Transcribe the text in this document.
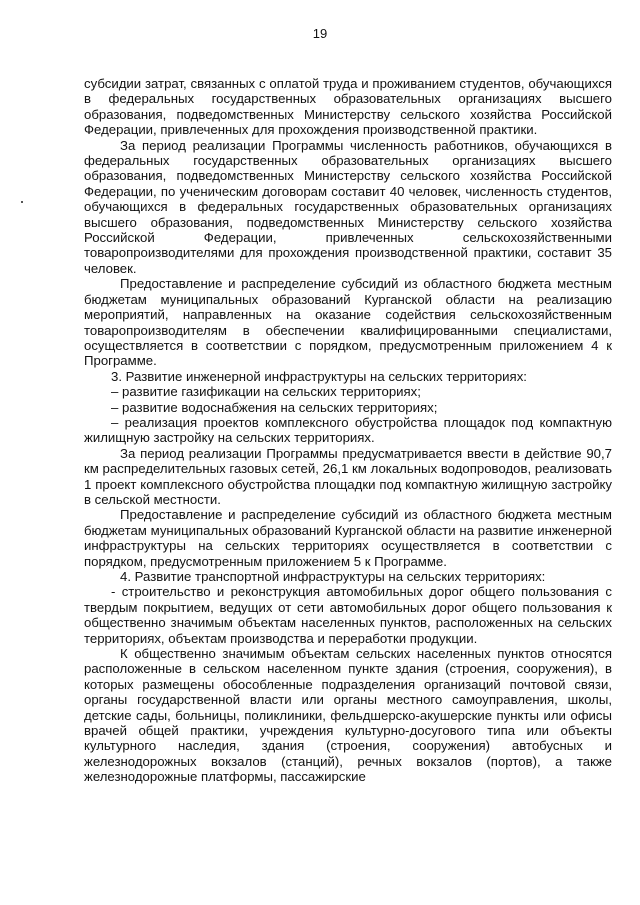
19

субсидии затрат, связанных с оплатой труда и проживанием студентов, обучающихся в федеральных государственных образовательных организациях высшего образования, подведомственных Министерству сельского хозяйства Российской Федерации, привлеченных для прохождения производственной практики.

За период реализации Программы численность работников, обучающихся в федеральных государственных образовательных организациях высшего образования, подведомственных Министерству сельского хозяйства Российской Федерации, по ученическим договорам составит 40 человек, численность студентов, обучающихся в федеральных государственных образовательных организациях высшего образования, подведомственных Министерству сельского хозяйства Российской Федерации, привлеченных сельскохозяйственными товаропроизводителями для прохождения производственной практики, составит 35 человек.

Предоставление и распределение субсидий из областного бюджета местным бюджетам муниципальных образований Курганской области на реализацию мероприятий, направленных на оказание содействия сельскохозяйственным товаропроизводителям в обеспечении квалифицированными специалистами, осуществляется в соответствии с порядком, предусмотренным приложением 4 к Программе.

3. Развитие инженерной инфраструктуры на сельских территориях:

– развитие газификации на сельских территориях;

– развитие водоснабжения на сельских территориях;

– реализация проектов комплексного обустройства площадок под компактную жилищную застройку на сельских территориях.

За период реализации Программы предусматривается ввести в действие 90,7 км распределительных газовых сетей, 26,1 км локальных водопроводов, реализовать 1 проект комплексного обустройства площадки под компактную жилищную застройку в сельской местности.

Предоставление и распределение субсидий из областного бюджета местным бюджетам муниципальных образований Курганской области на развитие инженерной инфраструктуры на сельских территориях осуществляется в соответствии с порядком, предусмотренным приложением 5 к Программе.

4. Развитие транспортной инфраструктуры на сельских территориях:

- строительство и реконструкция автомобильных дорог общего пользования с твердым покрытием, ведущих от сети автомобильных дорог общего пользования к общественно значимым объектам населенных пунктов, расположенных на сельских территориях, объектам производства и переработки продукции.

К общественно значимым объектам сельских населенных пунктов относятся расположенные в сельском населенном пункте здания (строения, сооружения), в которых размещены обособленные подразделения организаций почтовой связи, органы государственной власти или органы местного самоуправления, школы, детские сады, больницы, поликлиники, фельдшерско-акушерские пункты или офисы врачей общей практики, учреждения культурно-досугового типа или объекты культурного наследия, здания (строения, сооружения) автобусных и железнодорожных вокзалов (станций), речных вокзалов (портов), а также железнодорожные платформы, пассажирские
